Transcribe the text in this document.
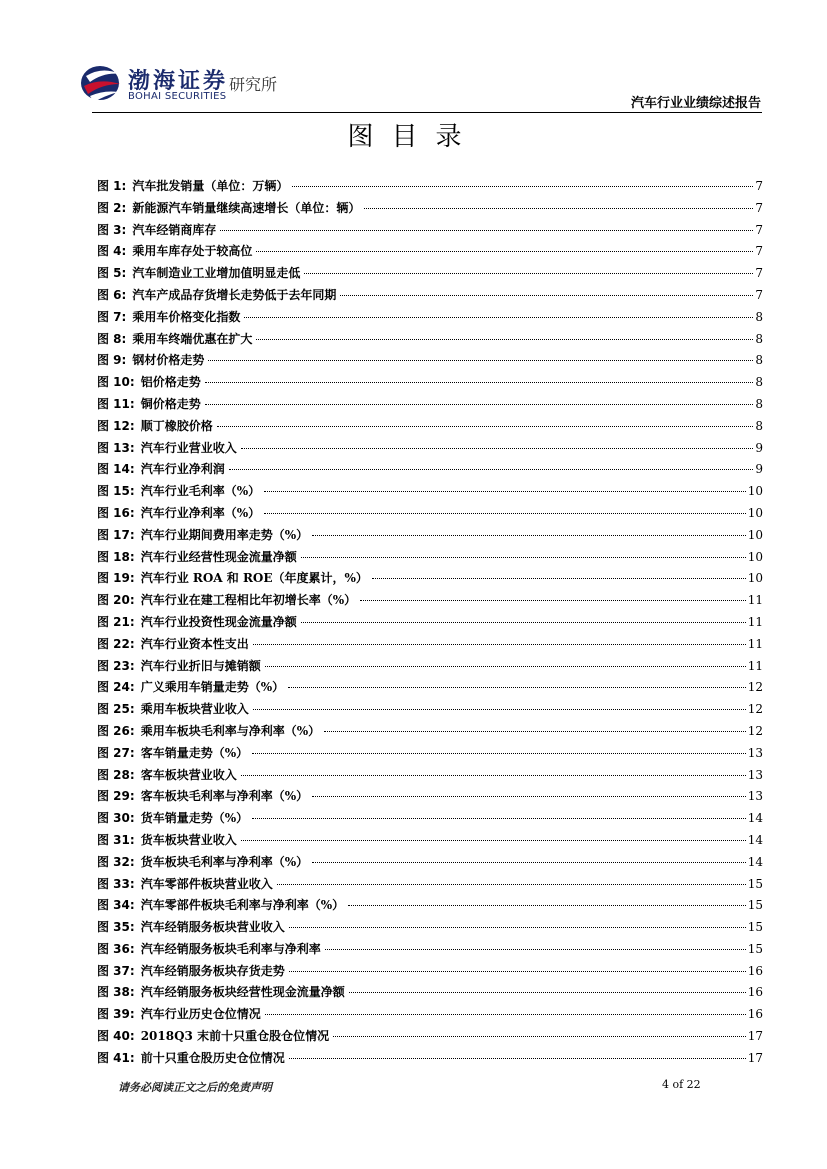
渤海证券
BOHAI SECURITIES
研究所
汽车行业业绩综述报告
图目录
图 1: 汽车批发销量（单位：万辆）	7
图 2: 新能源汽车销量继续高速增长（单位：辆）	7
图 3: 汽车经销商库存	7
图 4: 乘用车库存处于较高位	7
图 5: 汽车制造业工业增加值明显走低	7
图 6: 汽车产成品存货增长走势低于去年同期	7
图 7: 乘用车价格变化指数	8
图 8: 乘用车终端优惠在扩大	8
图 9: 钢材价格走势	8
图 10: 铝价格走势	8
图 11: 铜价格走势	8
图 12: 顺丁橡胶价格	8
图 13: 汽车行业营业收入	9
图 14: 汽车行业净利润	9
图 15: 汽车行业毛利率（%）	10
图 16: 汽车行业净利率（%）	10
图 17: 汽车行业期间费用率走势（%）	10
图 18: 汽车行业经营性现金流量净额	10
图 19: 汽车行业 ROA 和 ROE（年度累计，%）	10
图 20: 汽车行业在建工程相比年初增长率（%）	11
图 21: 汽车行业投资性现金流量净额	11
图 22: 汽车行业资本性支出	11
图 23: 汽车行业折旧与摊销额	11
图 24: 广义乘用车销量走势（%）	12
图 25: 乘用车板块营业收入	12
图 26: 乘用车板块毛利率与净利率（%）	12
图 27: 客车销量走势（%）	13
图 28: 客车板块营业收入	13
图 29: 客车板块毛利率与净利率（%）	13
图 30: 货车销量走势（%）	14
图 31: 货车板块营业收入	14
图 32: 货车板块毛利率与净利率（%）	14
图 33: 汽车零部件板块营业收入	15
图 34: 汽车零部件板块毛利率与净利率（%）	15
图 35: 汽车经销服务板块营业收入	15
图 36: 汽车经销服务板块毛利率与净利率	15
图 37: 汽车经销服务板块存货走势	16
图 38: 汽车经销服务板块经营性现金流量净额	16
图 39: 汽车行业历史仓位情况	16
图 40: 2018Q3 末前十只重仓股仓位情况	17
图 41: 前十只重仓股历史仓位情况	17
请务必阅读正文之后的免责声明	4 of 22
